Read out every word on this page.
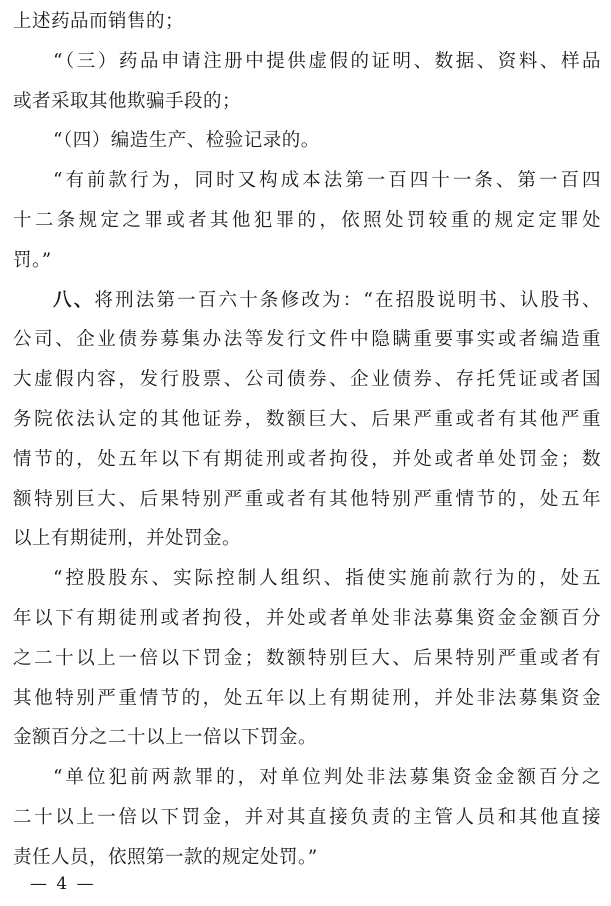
上述药品而销售的；
“（三）药品申请注册中提供虚假的证明、数据、资料、样品
或者采取其他欺骗手段的；
“（四）编造生产、检验记录的。
“有前款行为，同时又构成本法第一百四十一条、第一百四
十二条规定之罪或者其他犯罪的，依照处罚较重的规定定罪处
罚。”
八、将刑法第一百六十条修改为：“在招股说明书、认股书、
公司、企业债券募集办法等发行文件中隐瞒重要事实或者编造重
大虚假内容，发行股票、公司债券、企业债券、存托凭证或者国
务院依法认定的其他证券，数额巨大、后果严重或者有其他严重
情节的，处五年以下有期徒刑或者拘役，并处或者单处罚金；数
额特别巨大、后果特别严重或者有其他特别严重情节的，处五年
以上有期徒刑，并处罚金。
“控股股东、实际控制人组织、指使实施前款行为的，处五
年以下有期徒刑或者拘役，并处或者单处非法募集资金金额百分
之二十以上一倍以下罚金；数额特别巨大、后果特别严重或者有
其他特别严重情节的，处五年以上有期徒刑，并处非法募集资金
金额百分之二十以上一倍以下罚金。
“单位犯前两款罪的，对单位判处非法募集资金金额百分之
二十以上一倍以下罚金，并对其直接负责的主管人员和其他直接
责任人员，依照第一款的规定处罚。”
— 4 —
